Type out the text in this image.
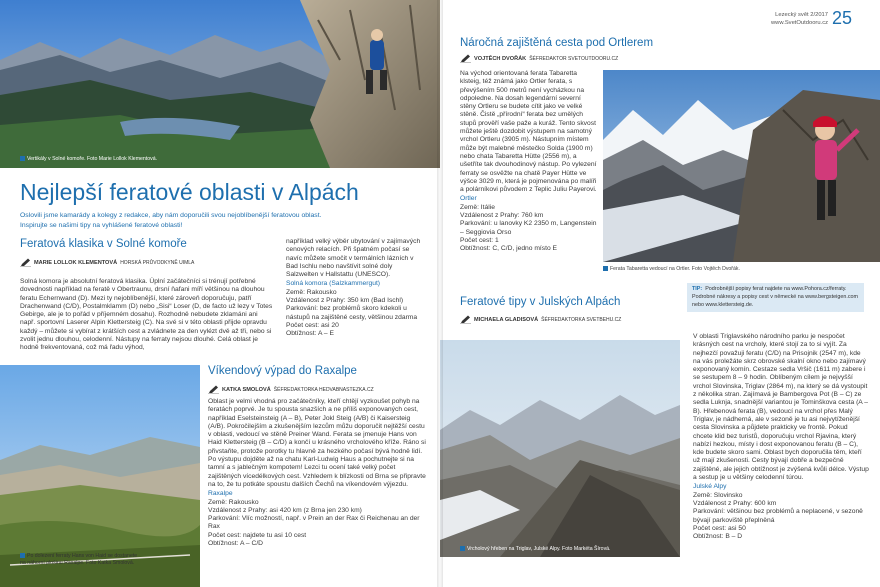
Vertikály v Solné komoře. Foto Marie Lollok Klementová.
Nejlepší feratové oblasti v Alpách
Oslovili jsme kamarády a kolegy z redakce, aby nám doporučili svou nejoblíbenější feratovou oblast.
Inspirujte se našimi tipy na vyhlášené feratové oblasti!
Feratová klasika v Solné komoře
MARIE LOLLOK KLEMENTOVÁ HORSKÁ PRŮVODKYNĚ UIMLA
Solná komora je absolutní feratová klasika. Úplní začátečníci si trénují potřebné dovednosti například na feratě v Obertraunu, drsní ňafani míří většinou na dlouhou feratu Echernwand (D). Mezi ty nejoblíbenější, které zároveň doporučuju, patří Drachenwand (C/D), Postalmklamm (D) nebo „Sisi“ Loser (D, de facto už lezy v Totes Gebirge, ale je to pořád v příjemném dosahu). Rozhodně nebudete zklamáni ani např. sportovní Laserer Alpin Klettersteig (C). Na své si v této oblasti přijde opravdu každý – můžete si vybírat z krátších cest a zvládnete za den vylézt dvě až tři, nebo si zvolit jednu dlouhou, celodenní. Nástupy na ferraty nejsou dlouhé. Celá oblast je hodně frekventovaná, což má řadu výhod,

například velký výběr ubytování v zajímavých cenových relacích. Při špatném počasí se navíc můžete smočit v termálních lázních v Bad Ischlu nebo navštívit solné doly Salzwelten v Hallstattu (UNESCO).

Solná komora (Salzkammergut)
Země: Rakousko
Vzdálenost z Prahy: 350 km (Bad Ischl)
Parkování: bez problémů skoro kdekoli u nástupů na zajištěné cesty, většinou zdarma
Počet cest: asi 20
Obtížnost: A – E
Po dolezení ferraty Hans von Haid se dostanete na náhorní plošinu Raxalpe. Foto Katka Smolová.
Víkendový výpad do Raxalpe
KATKA SMOLOVÁ ŠÉFREDAKTORKA HEDVABNASTEZKA.CZ

Oblast je velmi vhodná pro začátečníky, kteří chtějí vyzkoušet pohyb na feratách poprvé. Je tu spousta snazších a ne příliš exponovaných cest, například Eselsteinsteig (A – B), Peter Jokl Steig (A/B) či Kaisersteig (A/B). Pokročilejším a zkušenějším lezcům můžu doporučit nejtěžší cestu v oblasti, vedoucí ve stěně Preiner Wand. Ferata se jmenuje Hans von Haid Klettersteig (B – C/D) a končí u krásného vrcholového kříže. Ráno si přivstaňte, protože porotky tu hlavně za hezkého počasí bývá hodně lidí. Po výstupu dojděte až na chatu Karl-Ludwig Haus a pochutnejte si na tamní a s jablečným kompotem! Lezci tu ocení také velký počet zajištěných vícedélkových cest. Vzhledem k blízkosti od Brna se připravte na to, že tu potkáte spoustu dalších Čechů na víkendovém výjezdu.

Raxalpe
Země: Rakousko
Vzdálenost z Prahy: asi 420 km (z Brna jen 230 km)
Parkování: Vlíc možností, např. v Prein an der Rax či Reichenau an der Rax
Počet cest: najdete tu asi 10 cest
Obtížnost: A – C/D
Lezecký svět 2/2017
www.SvetOutdooru.cz 25
Náročná zajištěná cesta pod Ortlerem
VOJTĚCH DVOŘÁK ŠÉFREDAKTOR SVETOUTDOORU.CZ

Na východ orientovaná ferata Tabaretta klsteig, též známá jako Ortler ferata, s převýšením 500 metrů není vycházkou na odpoledne. Na dosah legendární severní stěny Ortleru se budete cítit jako ve velké stěně. Čistě „přírodní“ ferata bez umělých stupů prověří vaše paže a kuráž. Tento skvost můžete ještě dozdobit výstupem na samotný vrchol Ortleru (3905 m). Nástupním místem může být malebné městečko Solda (1900 m) nebo chata Tabaretta Hütte (2556 m), a ušetříte tak dvouhodinový nástup. Po vylezení ferraty se osvěžte na chatě Payer Hütte ve výšce 3029 m, která je pojmenována po malíři a polárníkovi původem z Teplic Juliu Payerovi.

Ortler
Země: Itálie
Vzdálenost z Prahy: 760 km
Parkování: u lanovky K2 2350 m, Langenstein – Seggiovia Orso
Počet cest: 1
Obtížnost: C, C/D, jedno místo E
Ferata Tabaretta vedoucí na Ortler. Foto Vojtěch Dvořák.
Feratové tipy v Julských Alpách
MICHAELA GLADISOVÁ ŠÉFREDAKTORKA SVETBEHU.CZ
Vrcholový hřeben na Triglav, Julské Alpy. Foto Markéta Šírová.
TIP: Podrobnější popisy ferat najdete na www.Pohora.cz/ferraty. Podrobné nákresy a popisy cest v německé na www.bergsteigen.com nebo www.klettersteig.de.

V oblasti Triglavského národního parku je nespočet krásných cest na vrcholy, které stojí za to si vyjít. Za nejhezčí považuji feratu (C/D) na Prisojnik (2547 m), kde na vás proležáte skrz obrovské skalní okno nebo zajímavý exponovaný komín. Cestaze sedla Vršič (1611 m) zabere i se sestupem 8 – 9 hodin. Oblíbeným cílem je nejvyšší vrchol Slovinska, Triglav (2864 m), na který se dá vystoupit z několika stran. Zajímavá je Bambergova Pot (B – C) ze sedla Luknja, snadnější variantou je Tominškova cesta (A – B). Hřebenová ferata (B), vedoucí na vrchol přes Malý Triglav, je nádherná, ale v sezoně je tu asi nejvytíženější cesta Slovinska a půjdete prakticky ve frontě. Pokud chcete klid bez turistů, doporučuju vrchol Rjavina, který nabízí hezkou, místy i dost exponovanou feratu (B – C), kde budete skoro sami. Oblast bych doporučila těm, kteří už mají zkušenosti. Cesty bývají dobře a bezpečně zajištěné, ale jejich obtížnost je zvýšená kvůli délce. Výstup a sestup je u většiny celodenní túrou.

Julské Alpy
Země: Slovinsko
Vzdálenost z Prahy: 600 km
Parkování: většinou bez problémů a neplacené, v sezoně bývají parkoviště přeplněná
Počet cest: asi 50
Obtížnost: B – D
